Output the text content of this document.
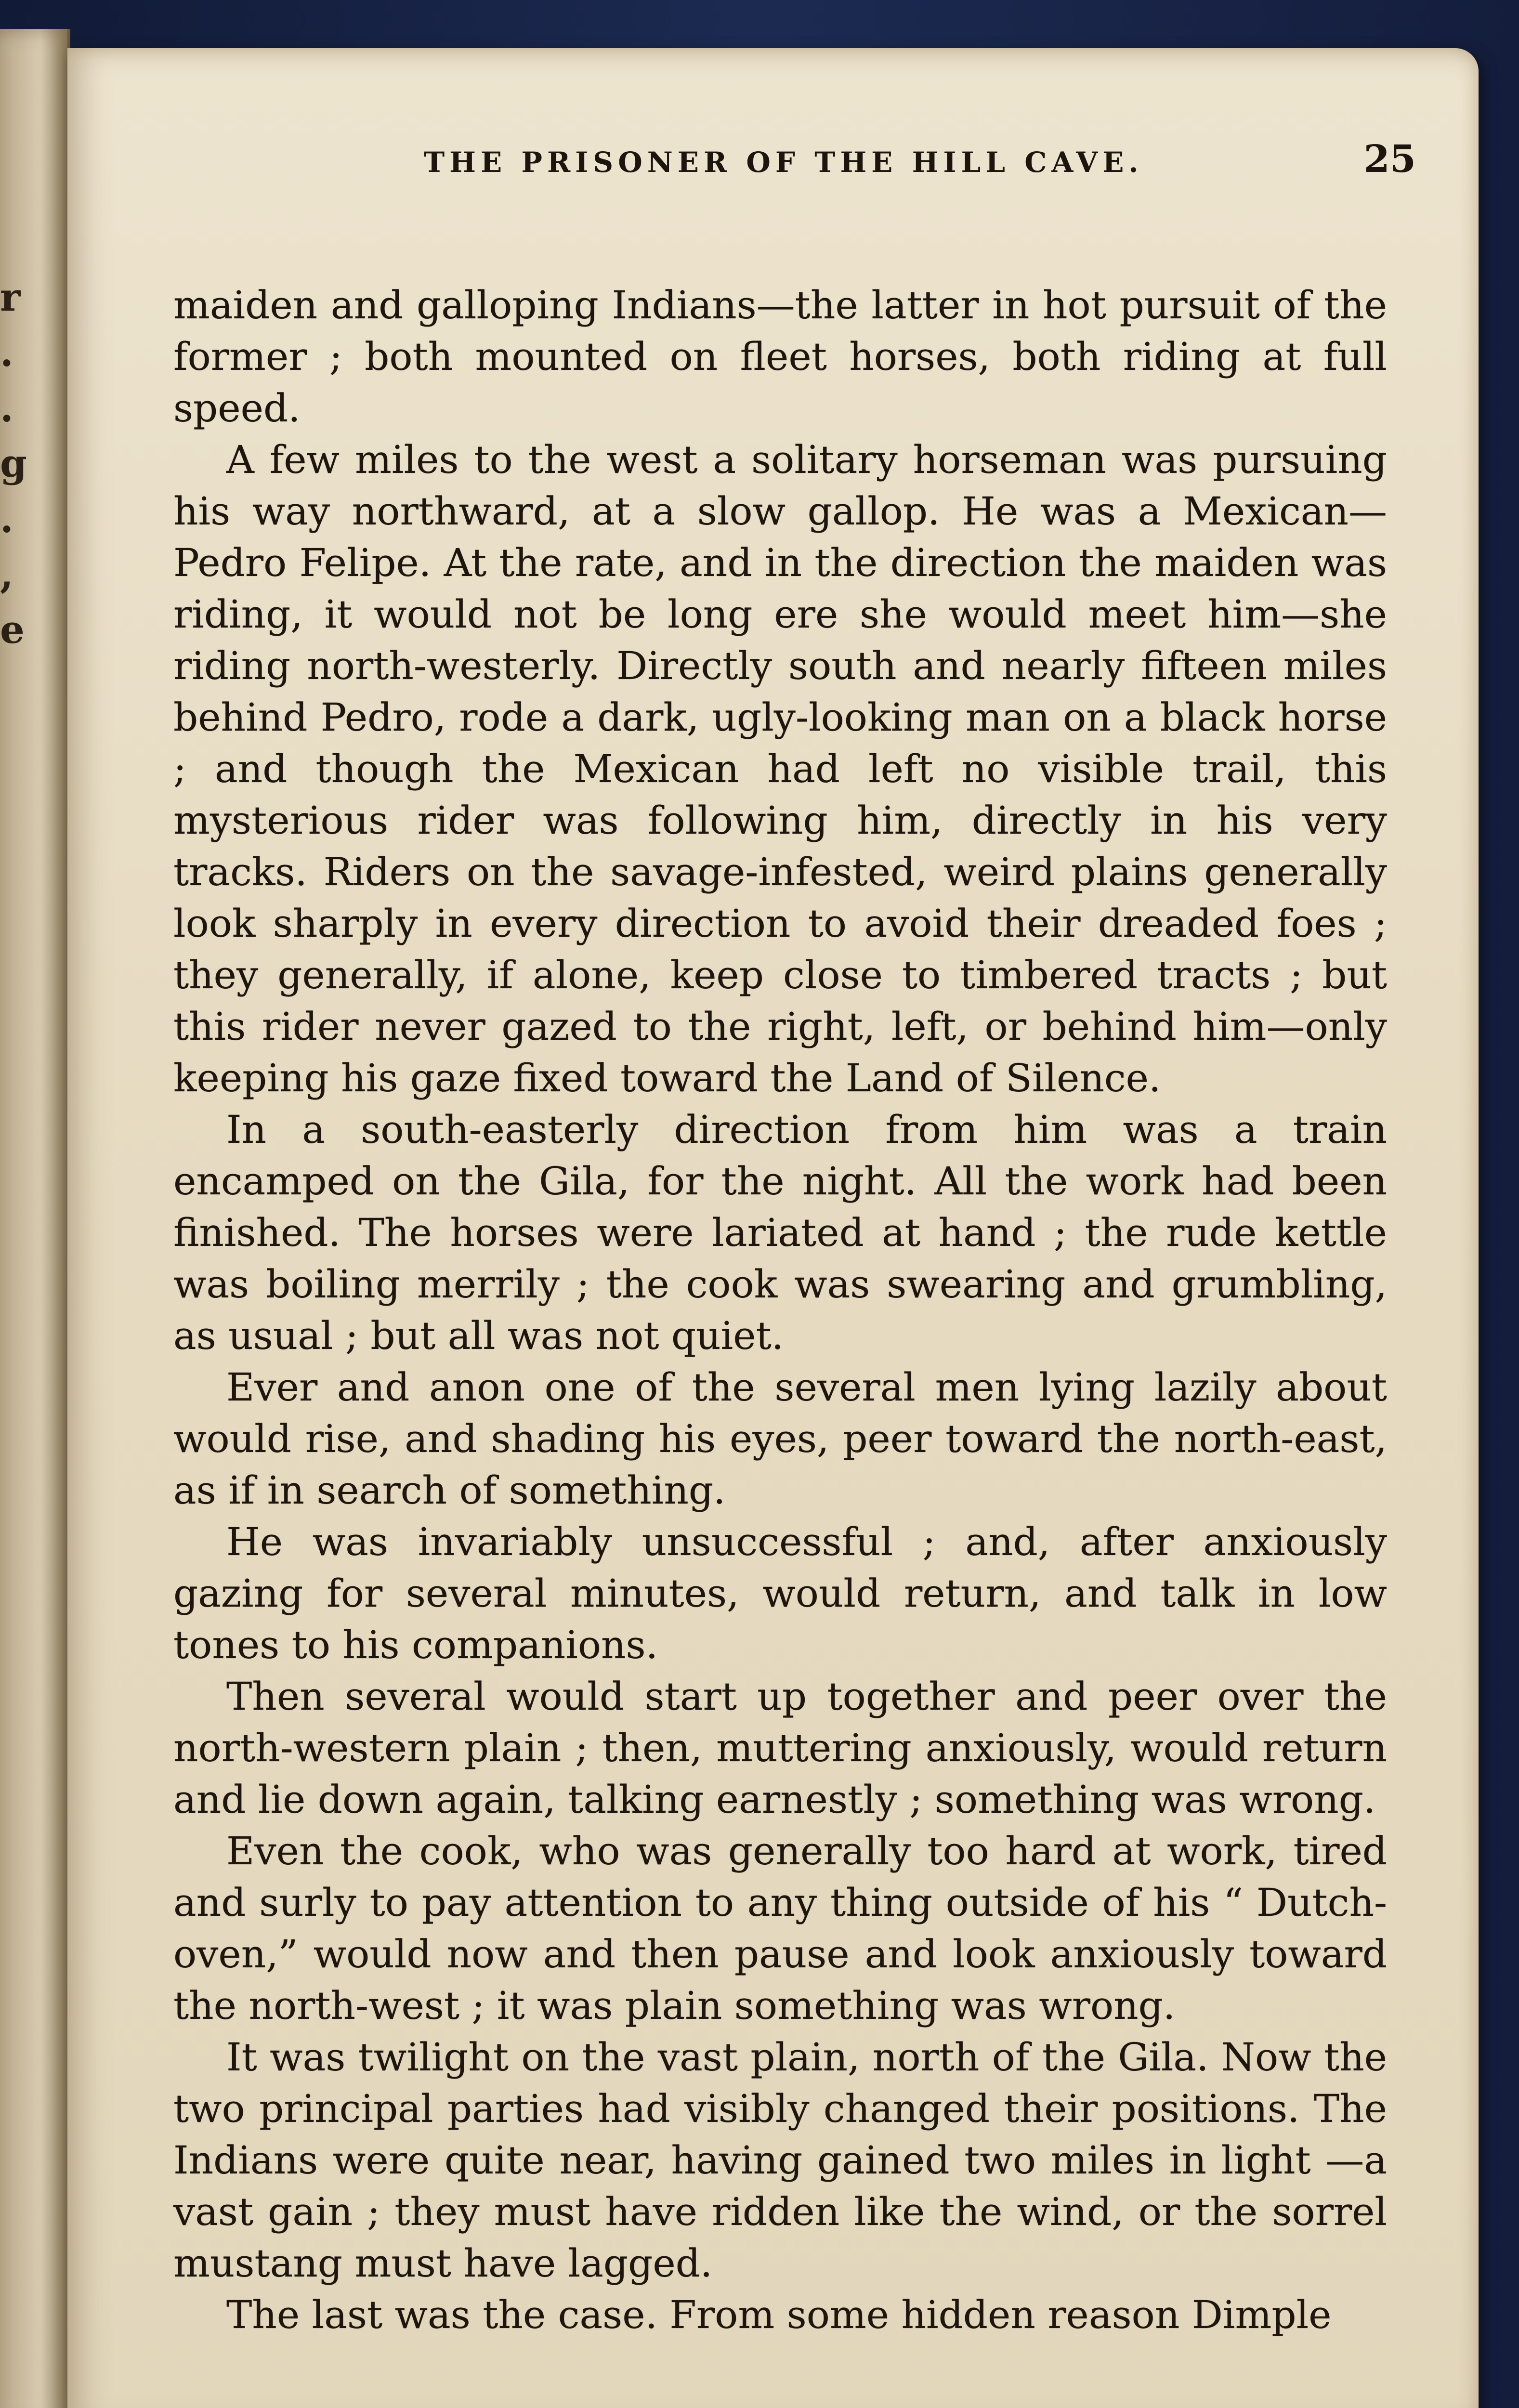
r
.
.
g
.
,
e
THE PRISONER OF THE HILL CAVE.	25

maiden and galloping Indians—the latter in hot pursuit of the former ; both mounted on fleet horses, both riding at full speed.

A few miles to the west a solitary horseman was pursuing his way northward, at a slow gallop. He was a Mexican— Pedro Felipe. At the rate, and in the direction the maiden was riding, it would not be long ere she would meet him—she riding north-westerly. Directly south and nearly fifteen miles behind Pedro, rode a dark, ugly-looking man on a black horse ; and though the Mexican had left no visible trail, this mysterious rider was following him, directly in his very tracks. Riders on the savage-infested, weird plains generally look sharply in every direction to avoid their dreaded foes ; they generally, if alone, keep close to timbered tracts ; but this rider never gazed to the right, left, or behind him—only keeping his gaze fixed toward the Land of Silence.

In a south-easterly direction from him was a train encamped on the Gila, for the night. All the work had been finished. The horses were lariated at hand ; the rude kettle was boiling merrily ; the cook was swearing and grumbling, as usual ; but all was not quiet.

Ever and anon one of the several men lying lazily about would rise, and shading his eyes, peer toward the north-east, as if in search of something.

He was invariably unsuccessful ; and, after anxiously gazing for several minutes, would return, and talk in low tones to his companions.

Then several would start up together and peer over the north-western plain ; then, muttering anxiously, would return and lie down again, talking earnestly ; something was wrong.

Even the cook, who was generally too hard at work, tired and surly to pay attention to any thing outside of his “ Dutch-oven,” would now and then pause and look anxiously toward the north-west ; it was plain something was wrong.

It was twilight on the vast plain, north of the Gila. Now the two principal parties had visibly changed their positions. The Indians were quite near, having gained two miles in light —a vast gain ; they must have ridden like the wind, or the sorrel mustang must have lagged.

The last was the case. From some hidden reason Dimple
